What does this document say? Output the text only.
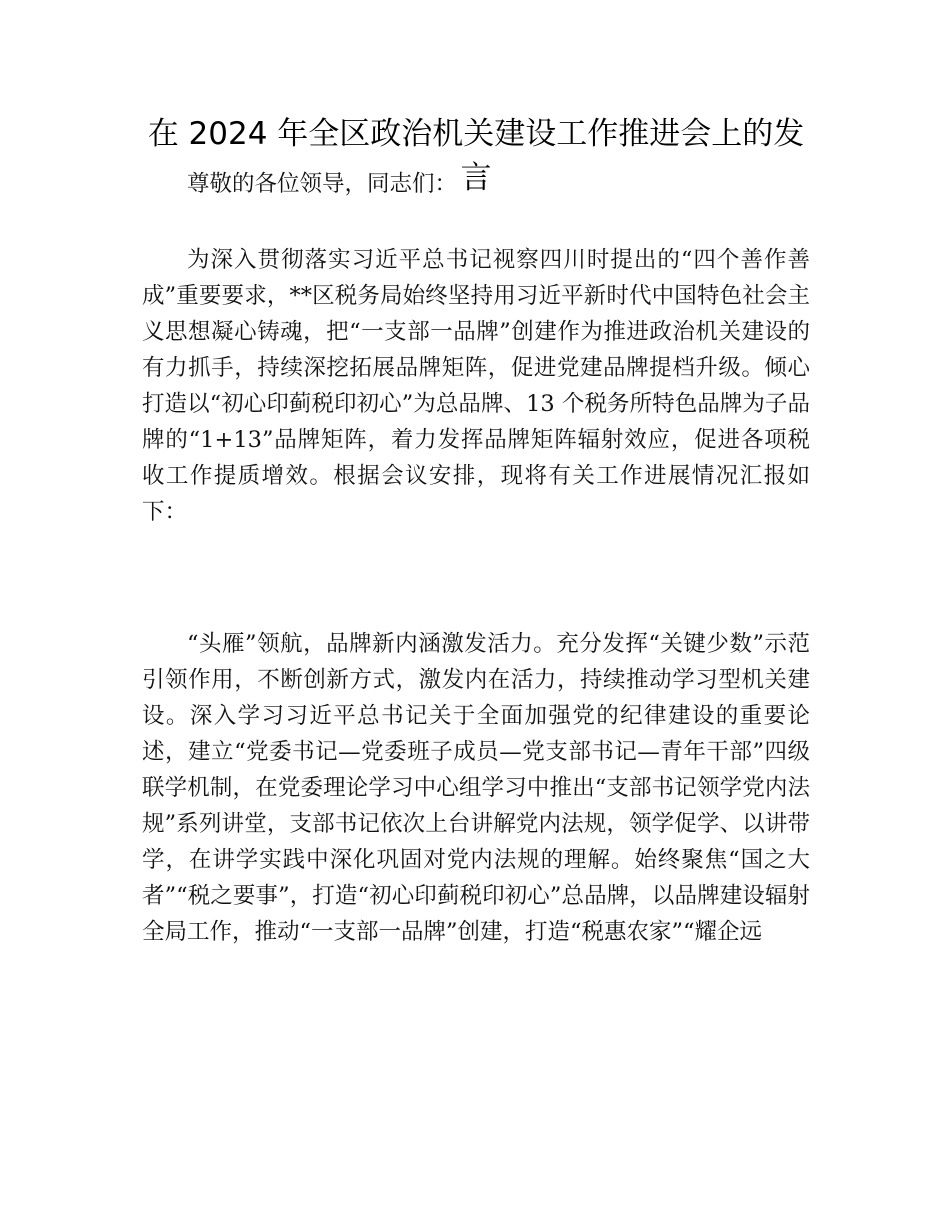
在 2024 年全区政治机关建设工作推进会上的发言

尊敬的各位领导，同志们：

为深入贯彻落实习近平总书记视察四川时提出的“四个善作善成”重要要求，**区税务局始终坚持用习近平新时代中国特色社会主义思想凝心铸魂，把“一支部一品牌”创建作为推进政治机关建设的有力抓手，持续深挖拓展品牌矩阵，促进党建品牌提档升级。倾心打造以“初心印蓟税印初心”为总品牌、13 个税务所特色品牌为子品牌的“1+13”品牌矩阵，着力发挥品牌矩阵辐射效应，促进各项税收工作提质增效。根据会议安排，现将有关工作进展情况汇报如下：

“头雁”领航，品牌新内涵激发活力。充分发挥“关键少数”示范引领作用，不断创新方式，激发内在活力，持续推动学习型机关建设。深入学习习近平总书记关于全面加强党的纪律建设的重要论述，建立“党委书记—党委班子成员—党支部书记—青年干部”四级联学机制，在党委理论学习中心组学习中推出“支部书记领学党内法规”系列讲堂，支部书记依次上台讲解党内法规，领学促学、以讲带学，在讲学实践中深化巩固对党内法规的理解。始终聚焦“国之大者”“税之要事”，打造“初心印蓟税印初心”总品牌，以品牌建设辐射全局工作，推动“一支部一品牌”创建，打造“税惠农家”“耀企远
